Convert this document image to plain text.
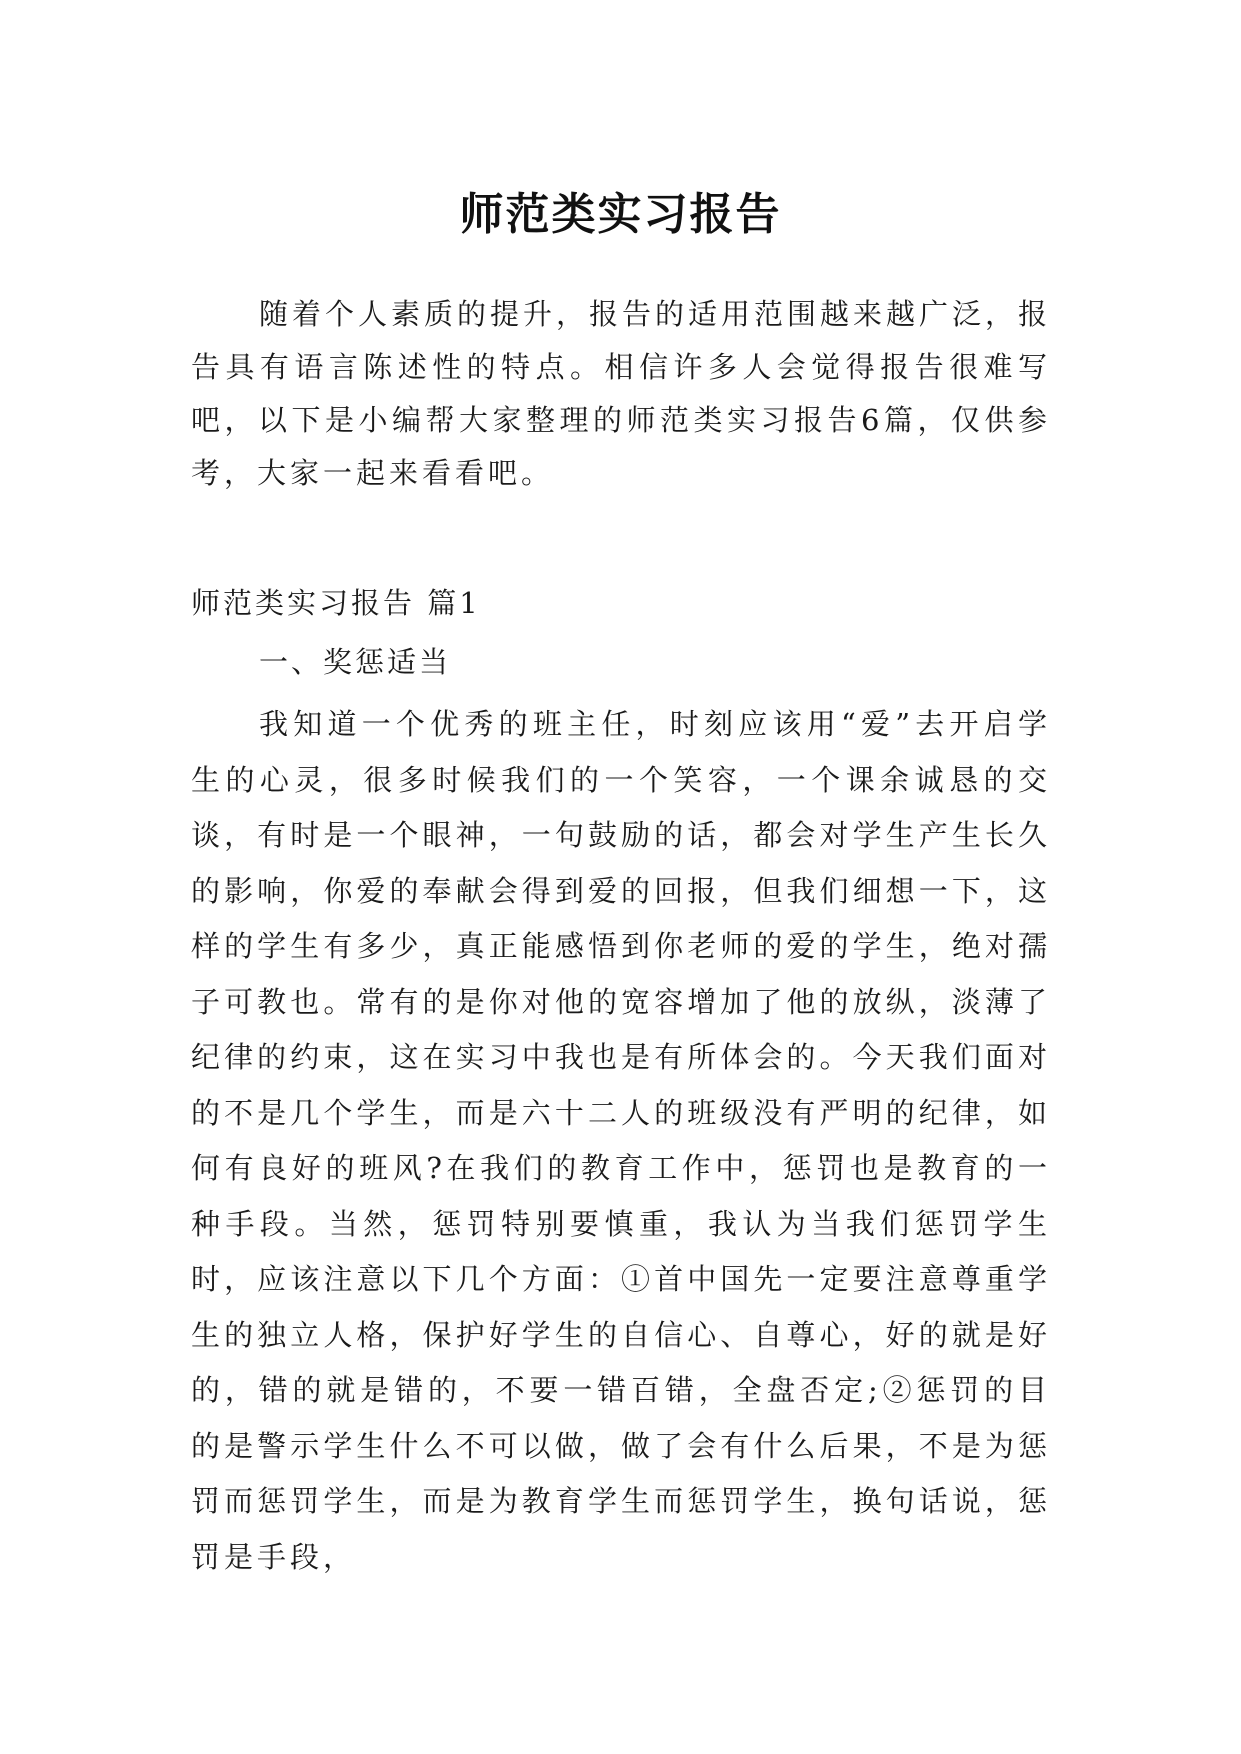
师范类实习报告

随着个人素质的提升，报告的适用范围越来越广泛，报告具有语言陈述性的特点。相信许多人会觉得报告很难写吧，以下是小编帮大家整理的师范类实习报告6篇，仅供参考，大家一起来看看吧。

师范类实习报告 篇1

一、奖惩适当

我知道一个优秀的班主任，时刻应该用“爱”去开启学生的心灵，很多时候我们的一个笑容，一个课余诚恳的交谈，有时是一个眼神，一句鼓励的话，都会对学生产生长久的影响，你爱的奉献会得到爱的回报，但我们细想一下，这样的学生有多少，真正能感悟到你老师的爱的学生，绝对孺子可教也。常有的是你对他的宽容增加了他的放纵，淡薄了纪律的约束，这在实习中我也是有所体会的。今天我们面对的不是几个学生，而是六十二人的班级没有严明的纪律，如何有良好的班风?在我们的教育工作中，惩罚也是教育的一种手段。当然，惩罚特别要慎重，我认为当我们惩罚学生时，应该注意以下几个方面：①首中国先一定要注意尊重学生的独立人格，保护好学生的自信心、自尊心，好的就是好的，错的就是错的，不要一错百错，全盘否定;②惩罚的目的是警示学生什么不可以做，做了会有什么后果，不是为惩罚而惩罚学生，而是为教育学生而惩罚学生，换句话说，惩罚是手段，
